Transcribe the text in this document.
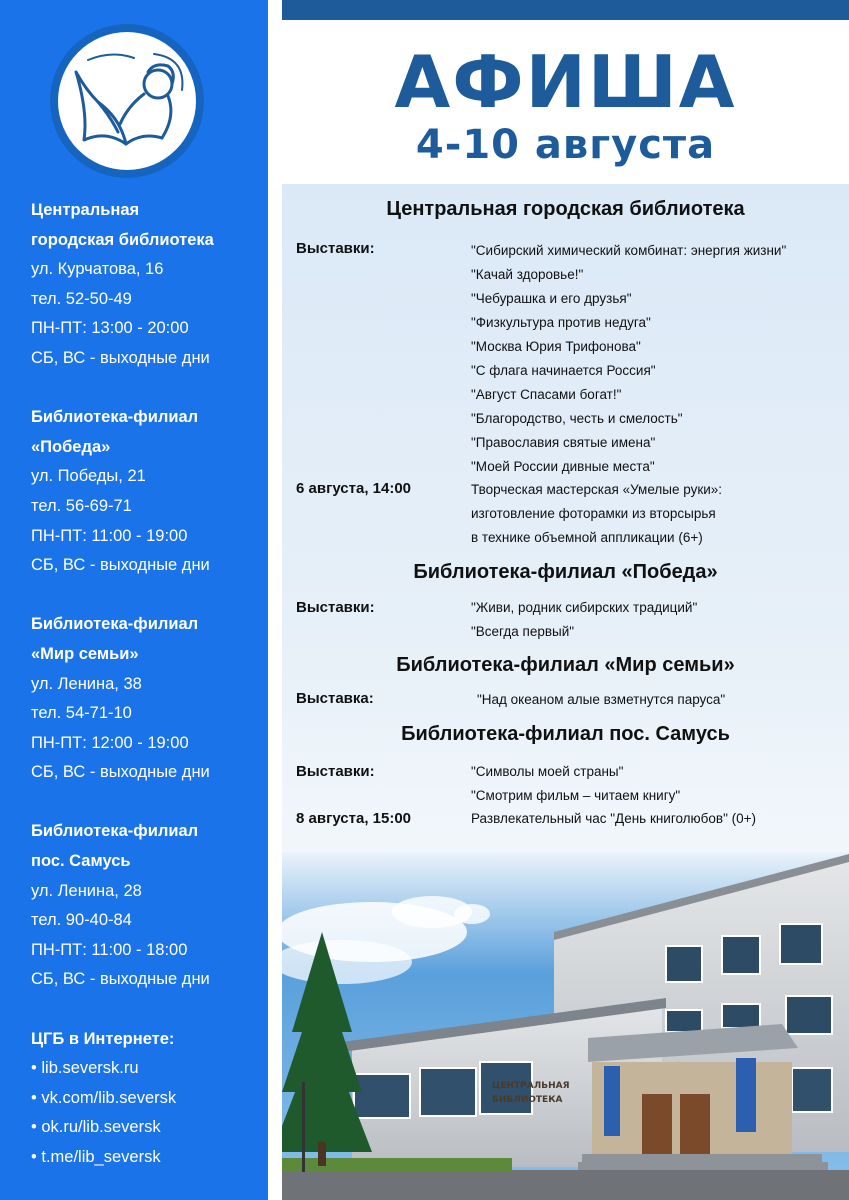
Центральная
городская библиотека
ул. Курчатова, 16
тел. 52-50-49
ПН-ПТ: 13:00 - 20:00
СБ, ВС - выходные дни
Библиотека-филиал
«Победа»
ул. Победы, 21
тел. 56-69-71
ПН-ПТ: 11:00 - 19:00
СБ, ВС - выходные дни
Библиотека-филиал
«Мир семьи»
ул. Ленина, 38
тел. 54-71-10
ПН-ПТ: 12:00 - 19:00
СБ, ВС - выходные дни
Библиотека-филиал
пос. Самусь
ул. Ленина, 28
тел. 90-40-84
ПН-ПТ: 11:00 - 18:00
СБ, ВС - выходные дни
ЦГБ в Интернете:
• lib.seversk.ru
• vk.com/lib.seversk
• ok.ru/lib.seversk
• t.me/lib_seversk
АФИША
4-10 августа
Центральная городская библиотека
Выставки:	"Сибирский химический комбинат: энергия жизни"
"Качай здоровье!"
"Чебурашка и его друзья"
"Физкультура против недуга"
"Москва Юрия Трифонова"
"С флага начинается Россия"
"Август Спасами богат!"
"Благородство, честь и смелость"
"Православия святые имена"
"Моей России дивные места"
6 августа, 14:00	Творческая мастерская «Умелые руки»:
изготовление фоторамки из вторсырья
в технике объемной аппликации (6+)
Библиотека-филиал «Победа»
Выставки:	"Живи, родник сибирских традиций"
"Всегда первый"
Библиотека-филиал «Мир семьи»
Выставка:	"Над океаном алые взметнутся паруса"
Библиотека-филиал пос. Самусь
Выставки:	"Символы моей страны"
"Смотрим фильм – читаем книгу"
8 августа, 15:00	Развлекательный час "День книголюбов" (0+)
ЦЕНТРАЛЬНАЯ
БИБЛИОТЕКА
